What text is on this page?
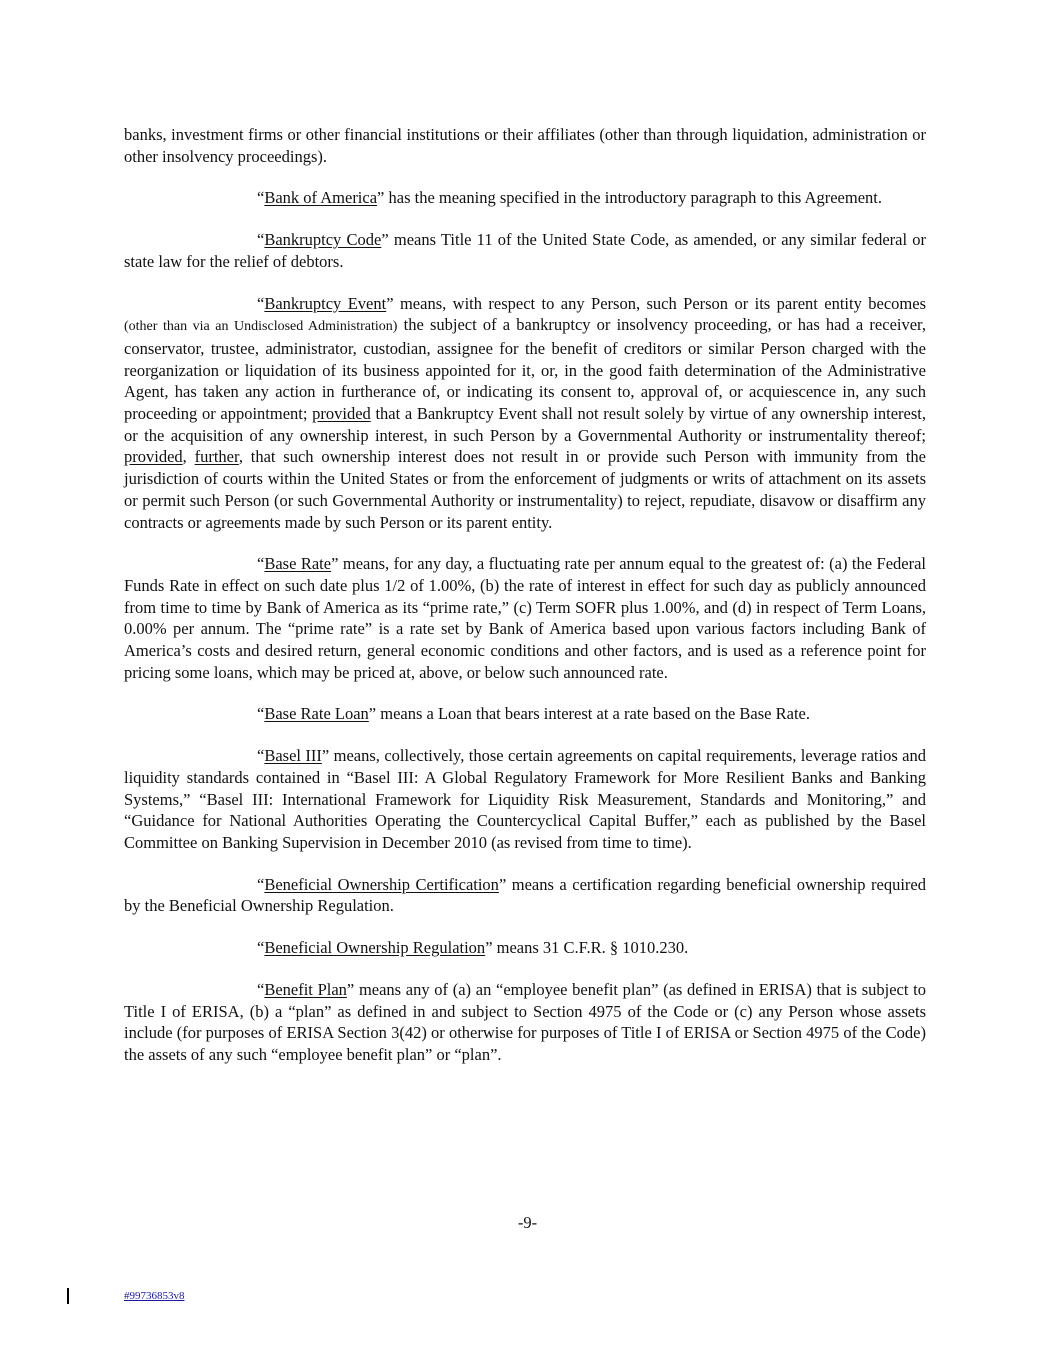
banks, investment firms or other financial institutions or their affiliates (other than through liquidation, administration or other insolvency proceedings).

“Bank of America” has the meaning specified in the introductory paragraph to this Agreement.

“Bankruptcy Code” means Title 11 of the United State Code, as amended, or any similar federal or state law for the relief of debtors.

“Bankruptcy Event” means, with respect to any Person, such Person or its parent entity becomes (other than via an Undisclosed Administration) the subject of a bankruptcy or insolvency proceeding, or has had a receiver, conservator, trustee, administrator, custodian, assignee for the benefit of creditors or similar Person charged with the reorganization or liquidation of its business appointed for it, or, in the good faith determination of the Administrative Agent, has taken any action in furtherance of, or indicating its consent to, approval of, or acquiescence in, any such proceeding or appointment; provided that a Bankruptcy Event shall not result solely by virtue of any ownership interest, or the acquisition of any ownership interest, in such Person by a Governmental Authority or instrumentality thereof; provided, further, that such ownership interest does not result in or provide such Person with immunity from the jurisdiction of courts within the United States or from the enforcement of judgments or writs of attachment on its assets or permit such Person (or such Governmental Authority or instrumentality) to reject, repudiate, disavow or disaffirm any contracts or agreements made by such Person or its parent entity.

“Base Rate” means, for any day, a fluctuating rate per annum equal to the greatest of: (a) the Federal Funds Rate in effect on such date plus 1/2 of 1.00%, (b) the rate of interest in effect for such day as publicly announced from time to time by Bank of America as its “prime rate,” (c) Term SOFR plus 1.00%, and (d) in respect of Term Loans, 0.00% per annum. The “prime rate” is a rate set by Bank of America based upon various factors including Bank of America’s costs and desired return, general economic conditions and other factors, and is used as a reference point for pricing some loans, which may be priced at, above, or below such announced rate.

“Base Rate Loan” means a Loan that bears interest at a rate based on the Base Rate.

“Basel III” means, collectively, those certain agreements on capital requirements, leverage ratios and liquidity standards contained in “Basel III: A Global Regulatory Framework for More Resilient Banks and Banking Systems,” “Basel III: International Framework for Liquidity Risk Measurement, Standards and Monitoring,” and “Guidance for National Authorities Operating the Countercyclical Capital Buffer,” each as published by the Basel Committee on Banking Supervision in December 2010 (as revised from time to time).

“Beneficial Ownership Certification” means a certification regarding beneficial ownership required by the Beneficial Ownership Regulation.

“Beneficial Ownership Regulation” means 31 C.F.R. § 1010.230.

“Benefit Plan” means any of (a) an “employee benefit plan” (as defined in ERISA) that is subject to Title I of ERISA, (b) a “plan” as defined in and subject to Section 4975 of the Code or (c) any Person whose assets include (for purposes of ERISA Section 3(42) or otherwise for purposes of Title I of ERISA or Section 4975 of the Code) the assets of any such “employee benefit plan” or “plan”.

-9-
#99736853v8
